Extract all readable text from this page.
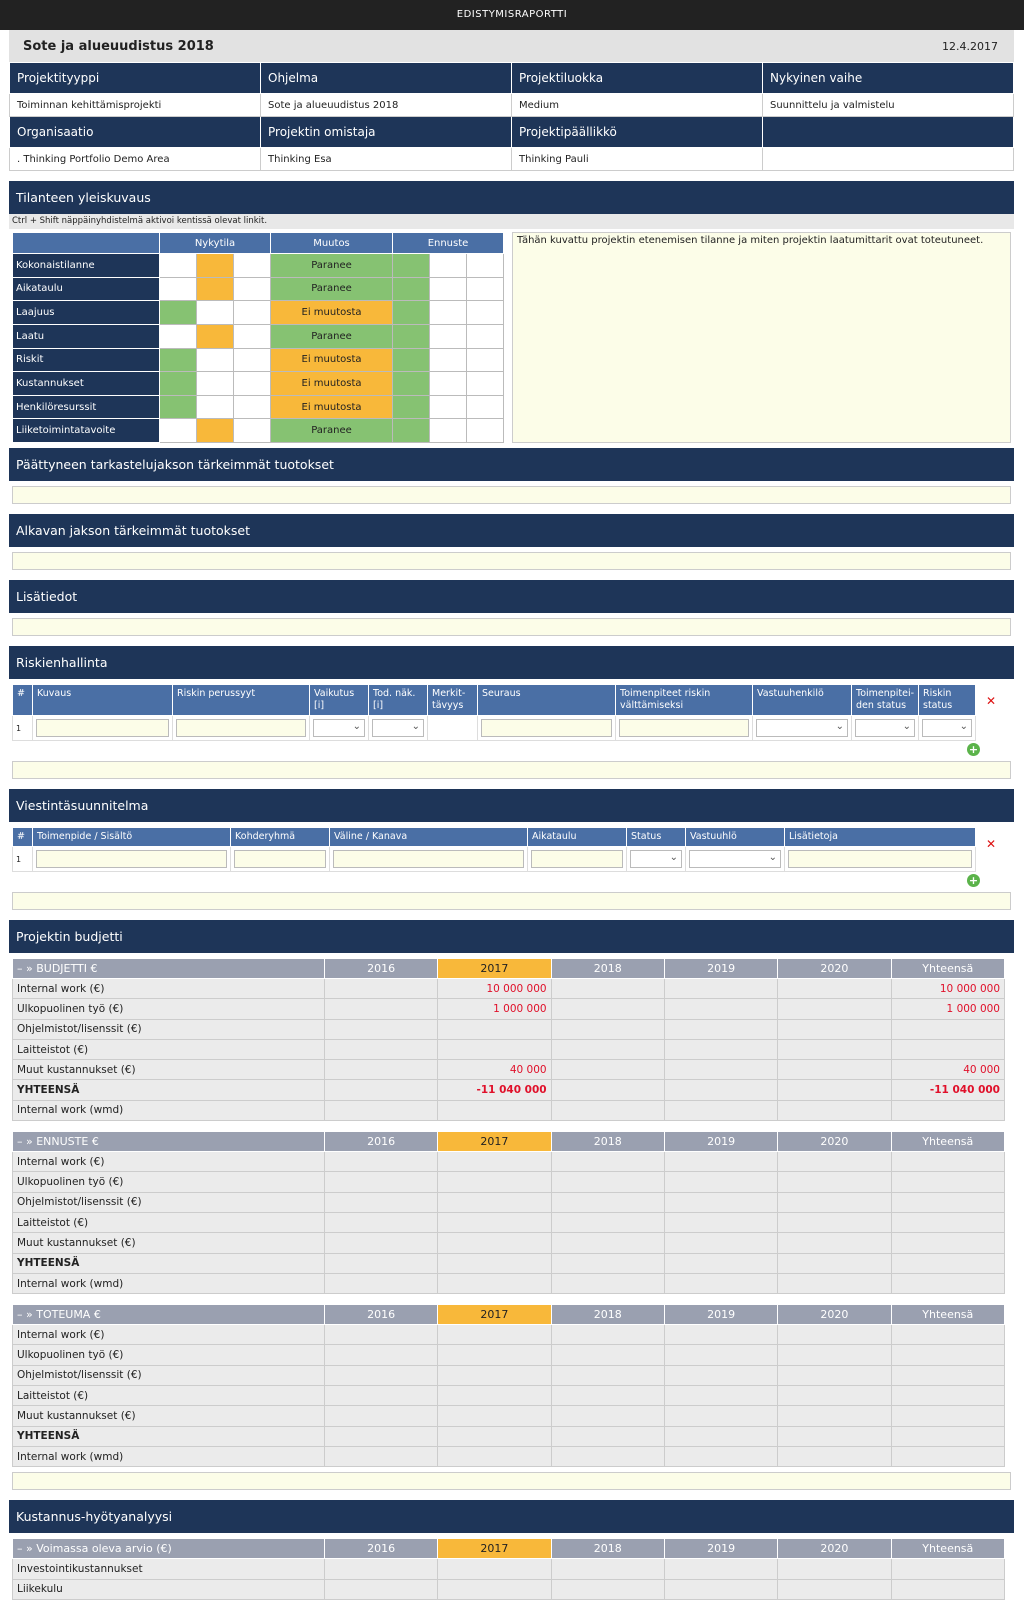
EDISTYMISRAPORTTI
Sote ja alueuudistus 2018	12.4.2017
Projektityyppi	Ohjelma	Projektiluokka	Nykyinen vaihe
Toiminnan kehittämisprojekti	Sote ja alueuudistus 2018	Medium	Suunnittelu ja valmistelu
Organisaatio	Projektin omistaja	Projektipäällikkö	
. Thinking Portfolio Demo Area	Thinking Esa	Thinking Pauli	
Tilanteen yleiskuvaus
Ctrl + Shift näppäinyhdistelmä aktivoi kentissä olevat linkit.
	Nykytila			Muutos	Ennuste		
Kokonaistilanne				Paranee			
Aikataulu				Paranee			
Laajuus				Ei muutosta			
Laatu				Paranee			
Riskit				Ei muutosta			
Kustannukset				Ei muutosta			
Henkilöresurssit				Ei muutosta			
Liiketoimintatavoite				Paranee			
Tähän kuvattu projektin etenemisen tilanne ja miten projektin laatumittarit ovat toteutuneet.
Päättyneen tarkastelujakson tärkeimmät tuotokset
Alkavan jakson tärkeimmät tuotokset
Lisätiedot
Riskienhallinta
#	Kuvaus	Riskin perussyyt	Vaikutus [i]	Tod. näk. [i]	Merkit-tävyys	Seuraus	Toimenpiteet riskin välttämiseksi	Vastuuhenkilö	Toimenpitei-den status	Riskin status
1			⌄	⌄				⌄	⌄	⌄
✕
+
Viestintäsuunnitelma
#	Toimenpide / Sisältö	Kohderyhmä	Väline / Kanava	Aikataulu	Status	Vastuuhlö	Lisätietoja
1					⌄	⌄	

✕
+
Projektin budjetti
– » BUDJETTI €	2016	2017	2018	2019	2020	Yhteensä
Internal work (€)		10 000 000				10 000 000
Ulkopuolinen työ (€)		1 000 000				1 000 000
Ohjelmistot/lisenssit (€)						
Laitteistot (€)						
Muut kustannukset (€)		40 000				40 000
YHTEENSÄ		-11 040 000				-11 040 000
Internal work (wmd)						
– » ENNUSTE €	2016	2017	2018	2019	2020	Yhteensä
Internal work (€)						
Ulkopuolinen työ (€)						
Ohjelmistot/lisenssit (€)						
Laitteistot (€)						
Muut kustannukset (€)						
YHTEENSÄ						
Internal work (wmd)						
– » TOTEUMA €	2016	2017	2018	2019	2020	Yhteensä
Internal work (€)						
Ulkopuolinen työ (€)						
Ohjelmistot/lisenssit (€)						
Laitteistot (€)						
Muut kustannukset (€)						
YHTEENSÄ						
Internal work (wmd)						
Kustannus-hyötyanalyysi
– » Voimassa oleva arvio (€)	2016	2017	2018	2019	2020	Yhteensä
Investointikustannukset						
Liikekulu						
